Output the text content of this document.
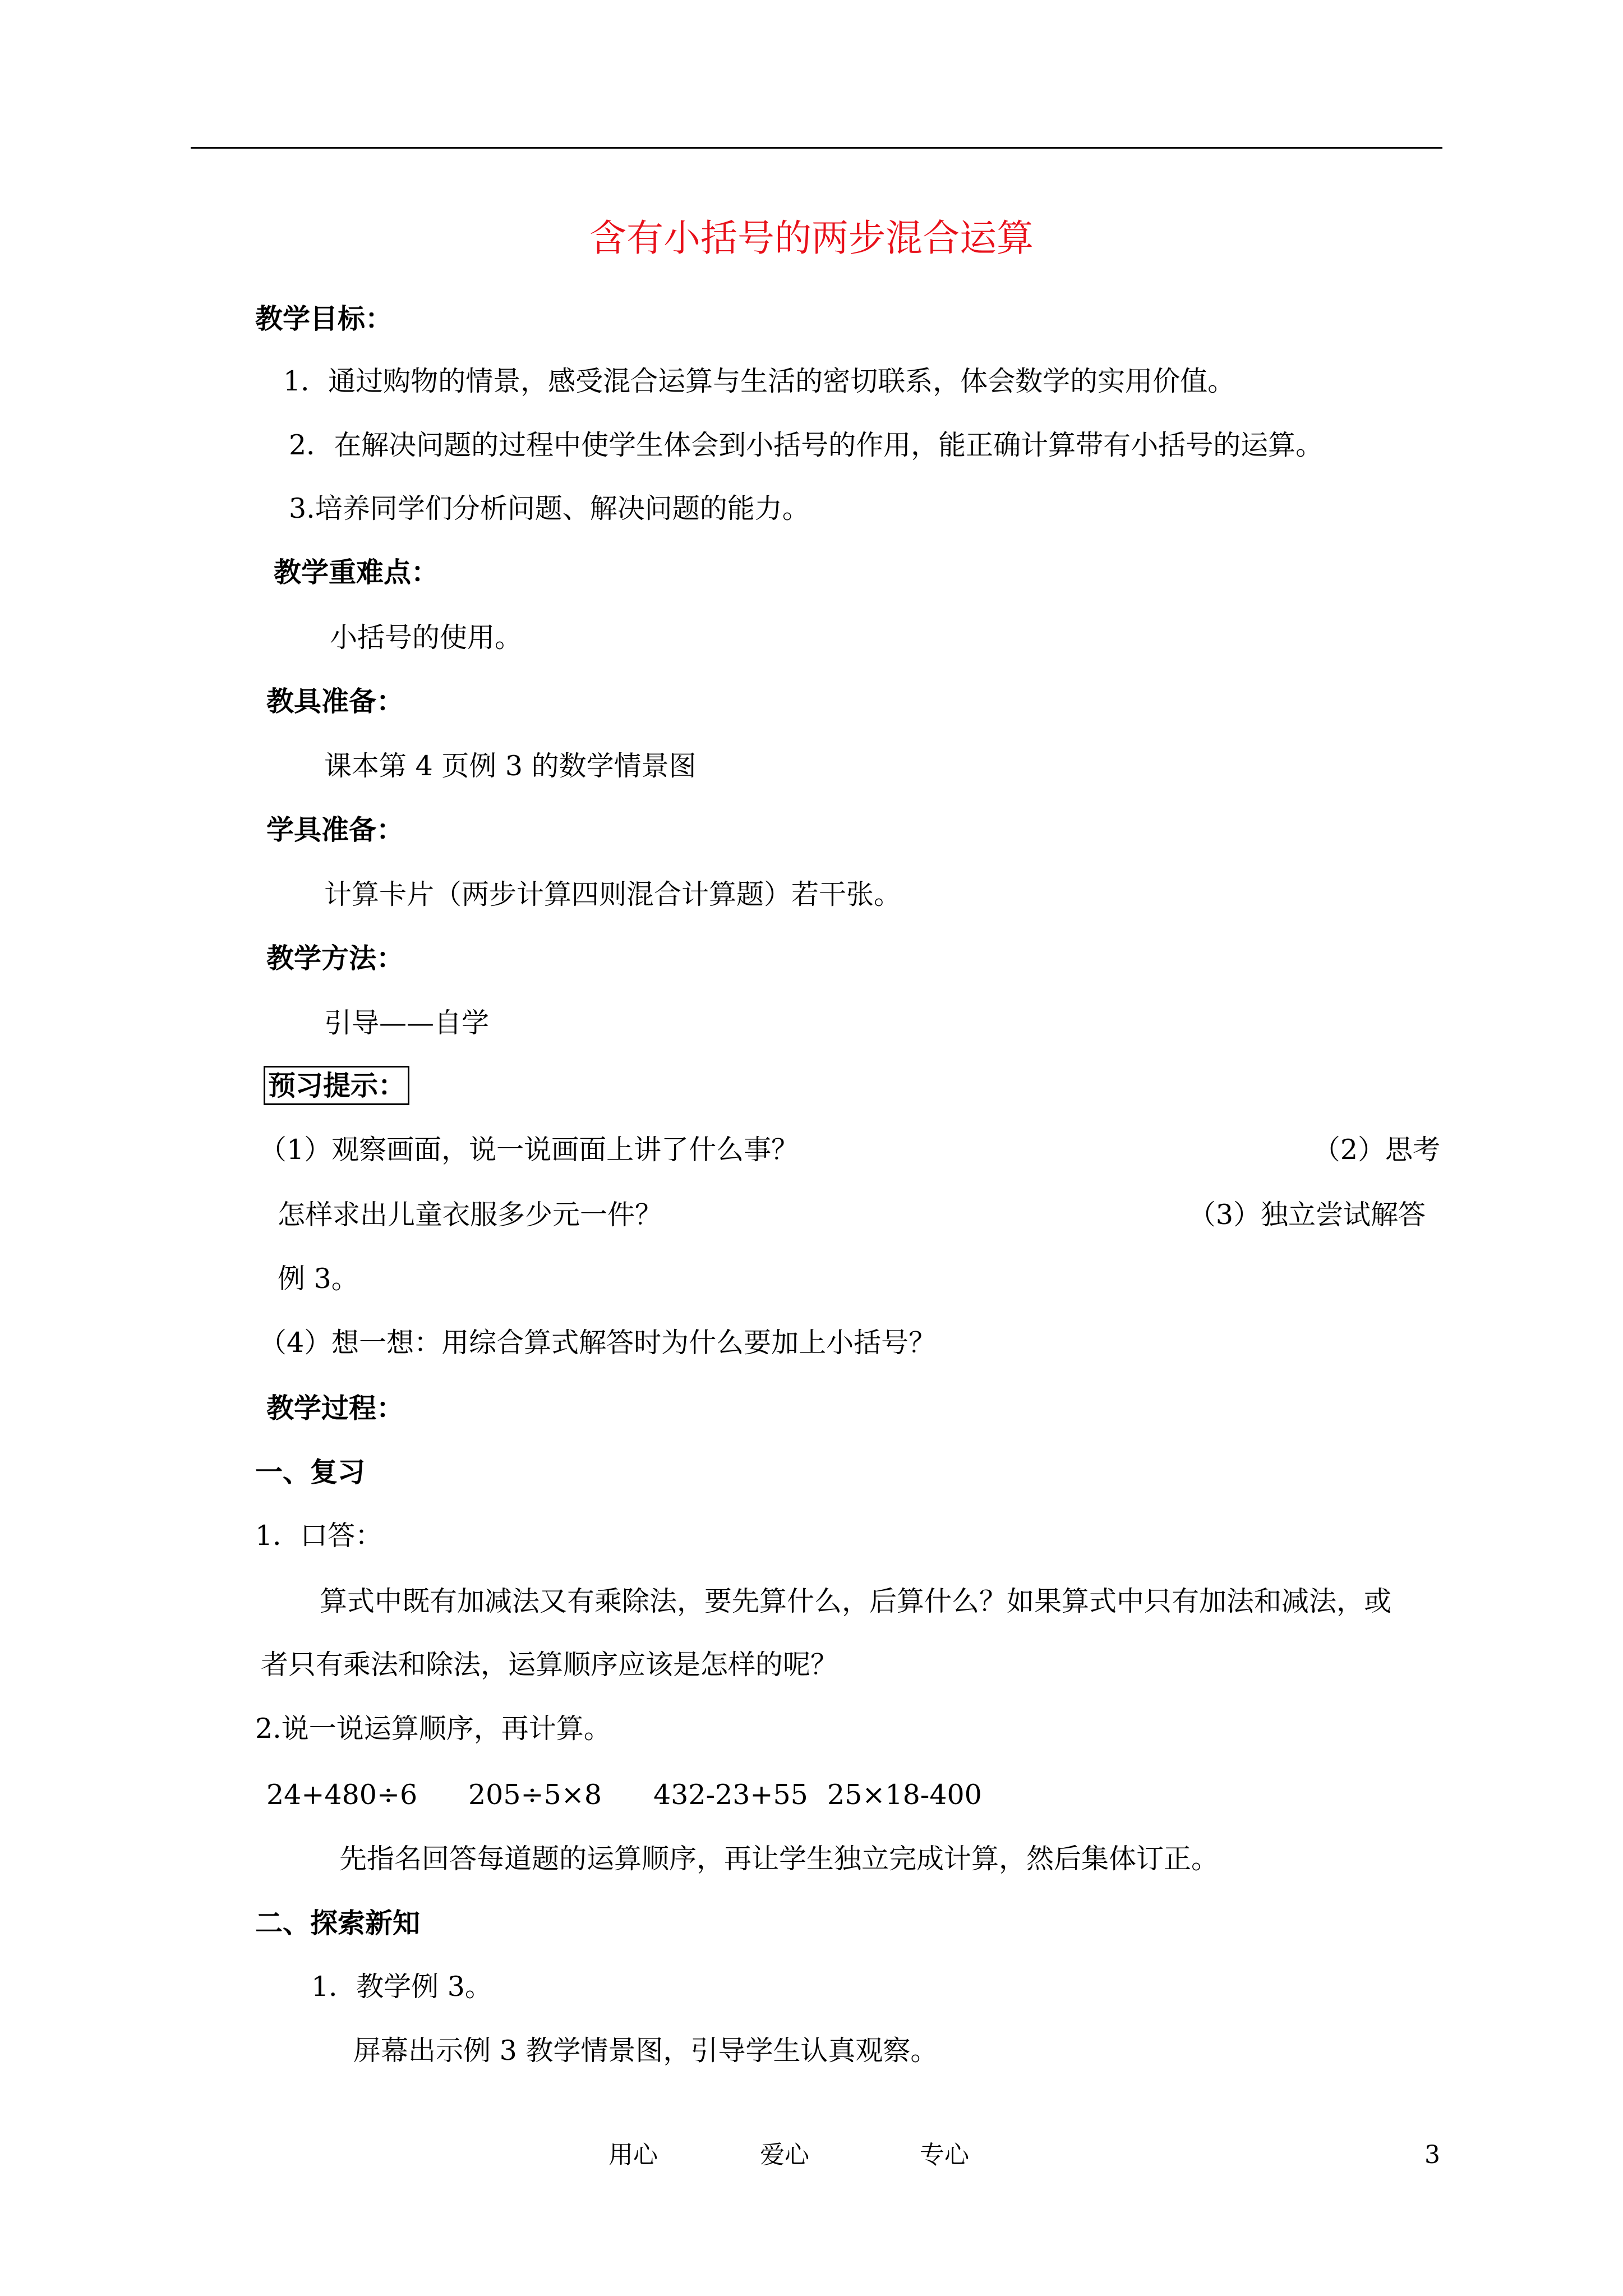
含有小括号的两步混合运算
教学目标：
1．通过购物的情景，感受混合运算与生活的密切联系，体会数学的实用价值。
2．在解决问题的过程中使学生体会到小括号的作用，能正确计算带有小括号的运算。
3.培养同学们分析问题、解决问题的能力。
教学重难点：
小括号的使用。
教具准备：
课本第 4 页例 3 的数学情景图
学具准备：
计算卡片（两步计算四则混合计算题）若干张。
教学方法：
引导——自学
预习提示：
（1）观察画面，说一说画面上讲了什么事？	（2）思考
怎样求出儿童衣服多少元一件？	（3）独立尝试解答
例 3。
（4）想一想：用综合算式解答时为什么要加上小括号？
教学过程：
一、复习
1．口答：
算式中既有加减法又有乘除法，要先算什么，后算什么？如果算式中只有加法和减法，或
者只有乘法和除法，运算顺序应该是怎样的呢？
2.说一说运算顺序，再计算。
24+480÷6 205÷5×8 432-23+55 25×18-400
先指名回答每道题的运算顺序，再让学生独立完成计算，然后集体订正。
二、探索新知
1．教学例 3。
屏幕出示例 3 教学情景图，引导学生认真观察。
用心	爱心	专心	3
